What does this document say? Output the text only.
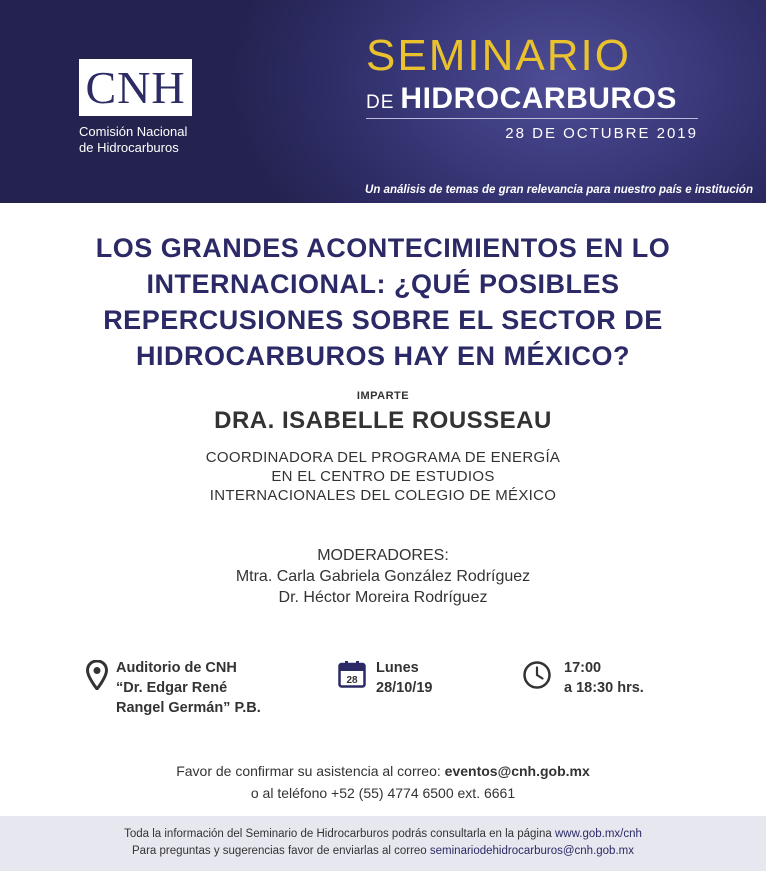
CNH
Comisión Nacional
de Hidrocarburos
SEMINARIO
DE HIDROCARBUROS
28 DE OCTUBRE 2019
Un análisis de temas de gran relevancia para nuestro país e institución
LOS GRANDES ACONTECIMIENTOS EN LO
INTERNACIONAL: ¿QUÉ POSIBLES
REPERCUSIONES SOBRE EL SECTOR DE
HIDROCARBUROS HAY EN MÉXICO?
IMPARTE
DRA. ISABELLE ROUSSEAU
COORDINADORA DEL PROGRAMA DE ENERGÍA
EN EL CENTRO DE ESTUDIOS
INTERNACIONALES DEL COLEGIO DE MÉXICO
MODERADORES:
Mtra. Carla Gabriela González Rodríguez
Dr. Héctor Moreira Rodríguez
Auditorio de CNH
“Dr. Edgar René
Rangel Germán” P.B.
28
Lunes
28/10/19
17:00
a 18:30 hrs.
Favor de confirmar su asistencia al correo: eventos@cnh.gob.mx
o al teléfono +52 (55) 4774 6500 ext. 6661
Toda la información del Seminario de Hidrocarburos podrás consultarla en la página www.gob.mx/cnh
Para preguntas y sugerencias favor de enviarlas al correo seminariodehidrocarburos@cnh.gob.mx
